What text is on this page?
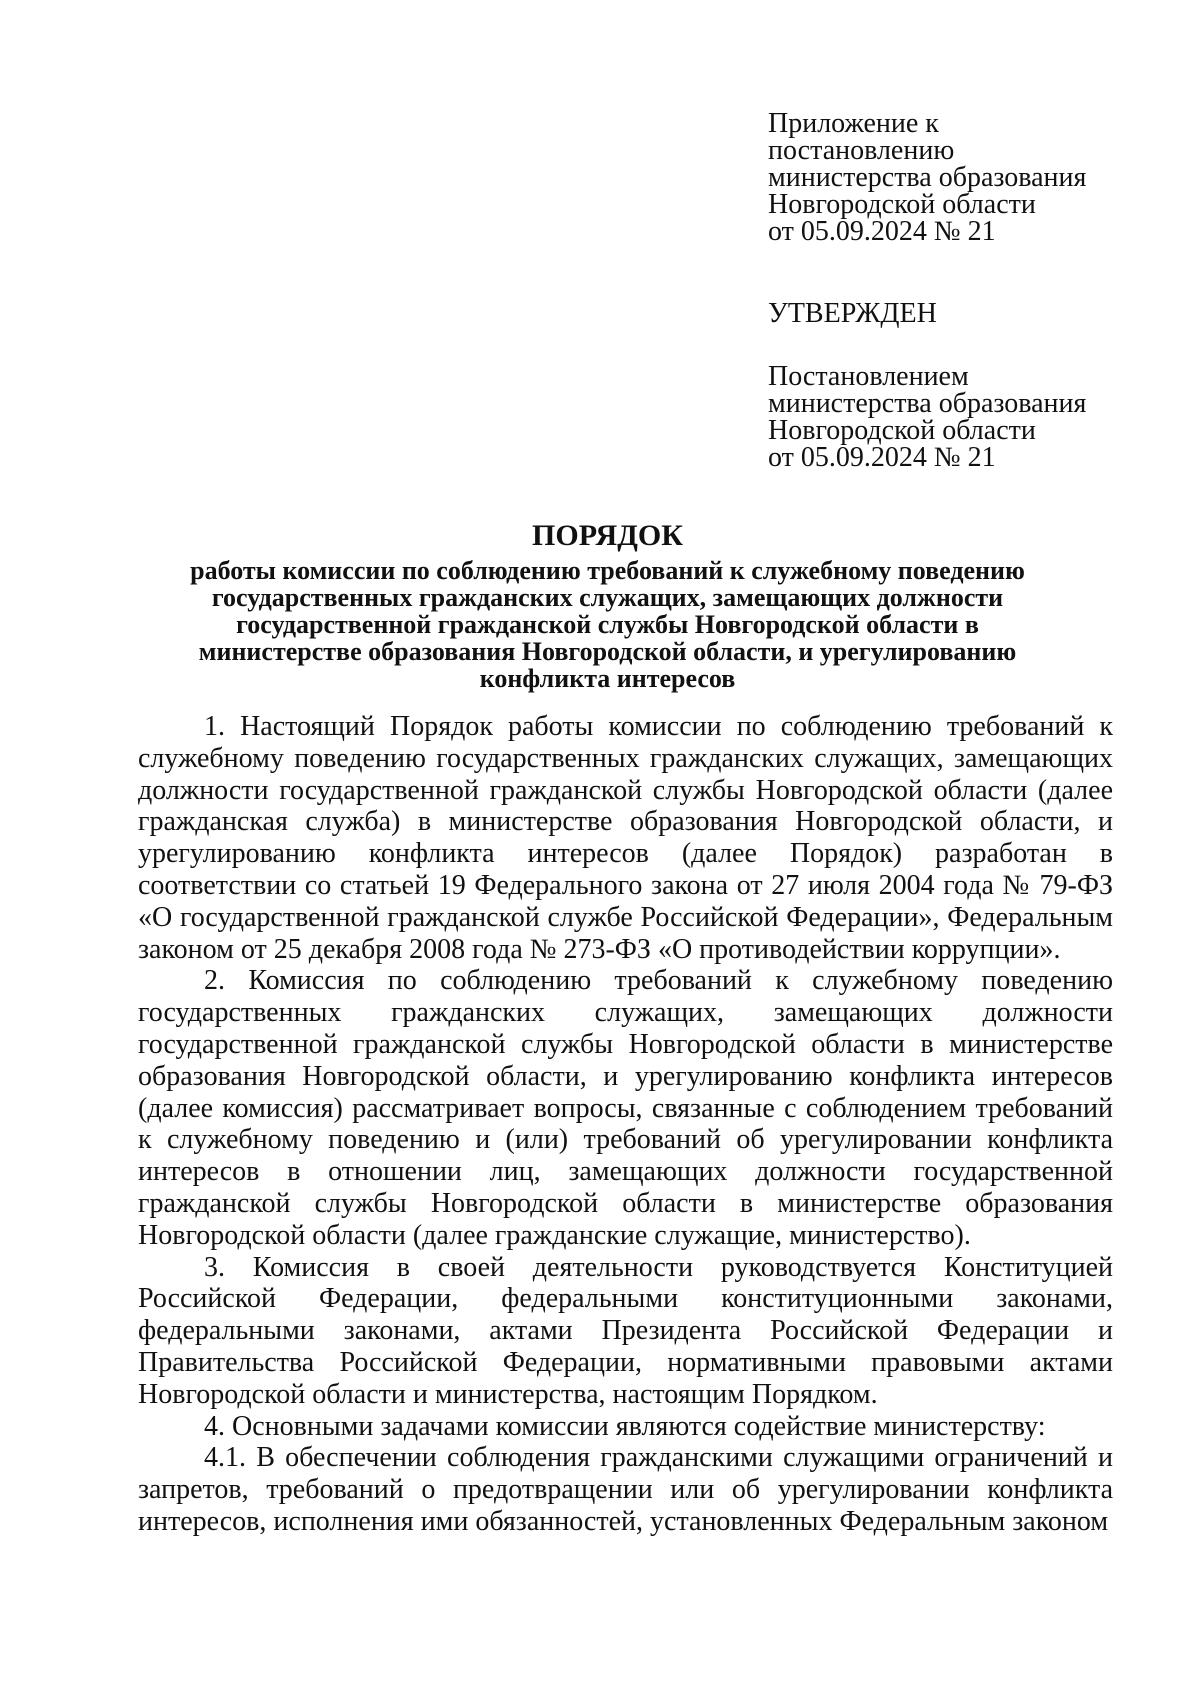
Приложение к
постановлению
министерства образования
Новгородской области
от 05.09.2024 № 21
УТВЕРЖДЕН
Постановлением
министерства образования
Новгородской области
от 05.09.2024 № 21
ПОРЯДОК
работы комиссии по соблюдению требований к служебному поведению
государственных гражданских служащих, замещающих должности
государственной гражданской службы Новгородской области в
министерстве образования Новгородской области, и урегулированию
конфликта интересов

1. Настоящий Порядок работы комиссии по соблюдению требований к служебному поведению государственных гражданских служащих, замещающих должности государственной гражданской службы Новгородской области (далее гражданская служба) в министерстве образования Новгородской области, и урегулированию конфликта интересов (далее Порядок) разработан в соответствии со статьей 19 Федерального закона от 27 июля 2004 года № 79-ФЗ «О государственной гражданской службе Российской Федерации», Федеральным законом от 25 декабря 2008 года № 273-ФЗ «О противодействии коррупции».

2. Комиссия по соблюдению требований к служебному поведению государственных гражданских служащих, замещающих должности государственной гражданской службы Новгородской области в министерстве образования Новгородской области, и урегулированию конфликта интересов (далее комиссия) рассматривает вопросы, связанные с соблюдением требований к служебному поведению и (или) требований об урегулировании конфликта интересов в отношении лиц, замещающих должности государственной гражданской службы Новгородской области в министерстве образования Новгородской области (далее гражданские служащие, министерство).

3. Комиссия в своей деятельности руководствуется Конституцией Российской Федерации, федеральными конституционными законами, федеральными законами, актами Президента Российской Федерации и Правительства Российской Федерации, нормативными правовыми актами Новгородской области и министерства, настоящим Порядком.

4. Основными задачами комиссии являются содействие министерству:

4.1. В обеспечении соблюдения гражданскими служащими ограничений и запретов, требований о предотвращении или об урегулировании конфликта интересов, исполнения ими обязанностей, установленных Федеральным законом
